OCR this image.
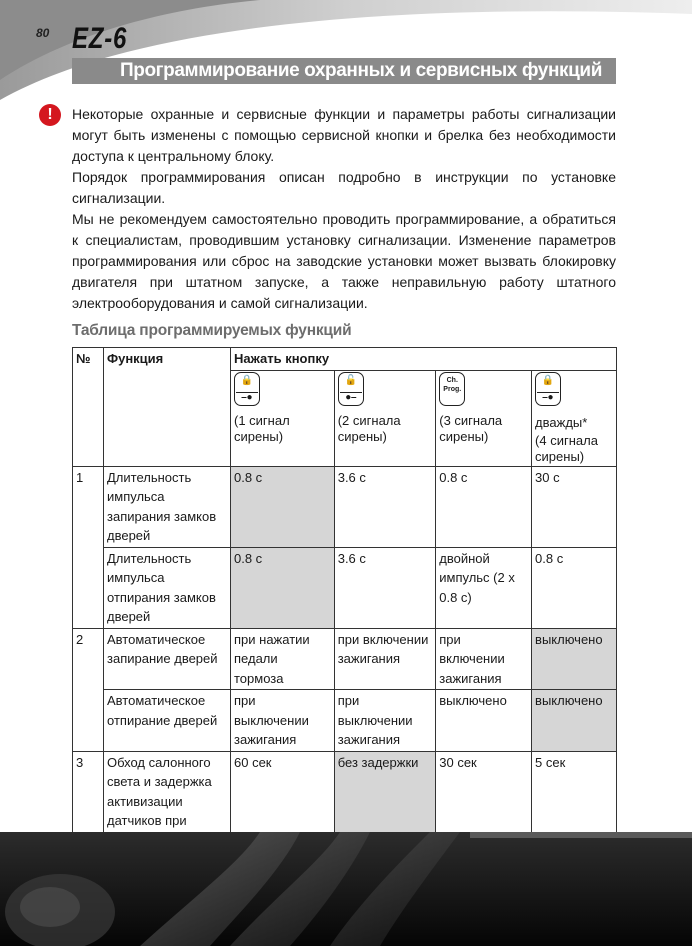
80 EZ-6
Программирование охранных и сервисных функций
!	Некоторые охранные и сервисные функции и параметры работы сигнализации могут быть изменены с помощью сервисной кнопки и брелка без необходимости доступа к центральному блоку.

Порядок программирования описан подробно в инструкции по установке сигнализации.

Мы не рекомендуем самостоятельно проводить программирование, а обратиться к специалистам, проводившим установку сигнализации. Изменение параметров программирования или сброс на заводские установки может вызвать блокировку двигателя при штатном запуске, а также неправильную работу штатного электрооборудования и самой сигнализации.

Таблица программируемых функций
№	Функция	Нажать кнопку			

		🔒
⎯●
(1 сигнал сирены)	🔓
●⎯
(2 сигнала сирены)	Ch.
Prog.
(3 сигнала сирены)	🔒
⎯●
дважды*
(4 сигнала сирены)

1	Длительность импульса запирания замков дверей	0.8 с	3.6 с	0.8 с	30 с
	Длительность импульса отпирания замков дверей	0.8 с	3.6 с	двойной импульс (2 х 0.8 с)	0.8 с
2	Автоматическое запирание дверей	при нажатии педали тормоза	при включении зажигания	при включении зажигания	выключено
	Автоматическое отпирание дверей	при выключении зажигания	при выключении зажигания	выключено	выключено
3	Обход салонного света и задержка активизации датчиков при	60 сек	без задержки	30 сек	5 сек
